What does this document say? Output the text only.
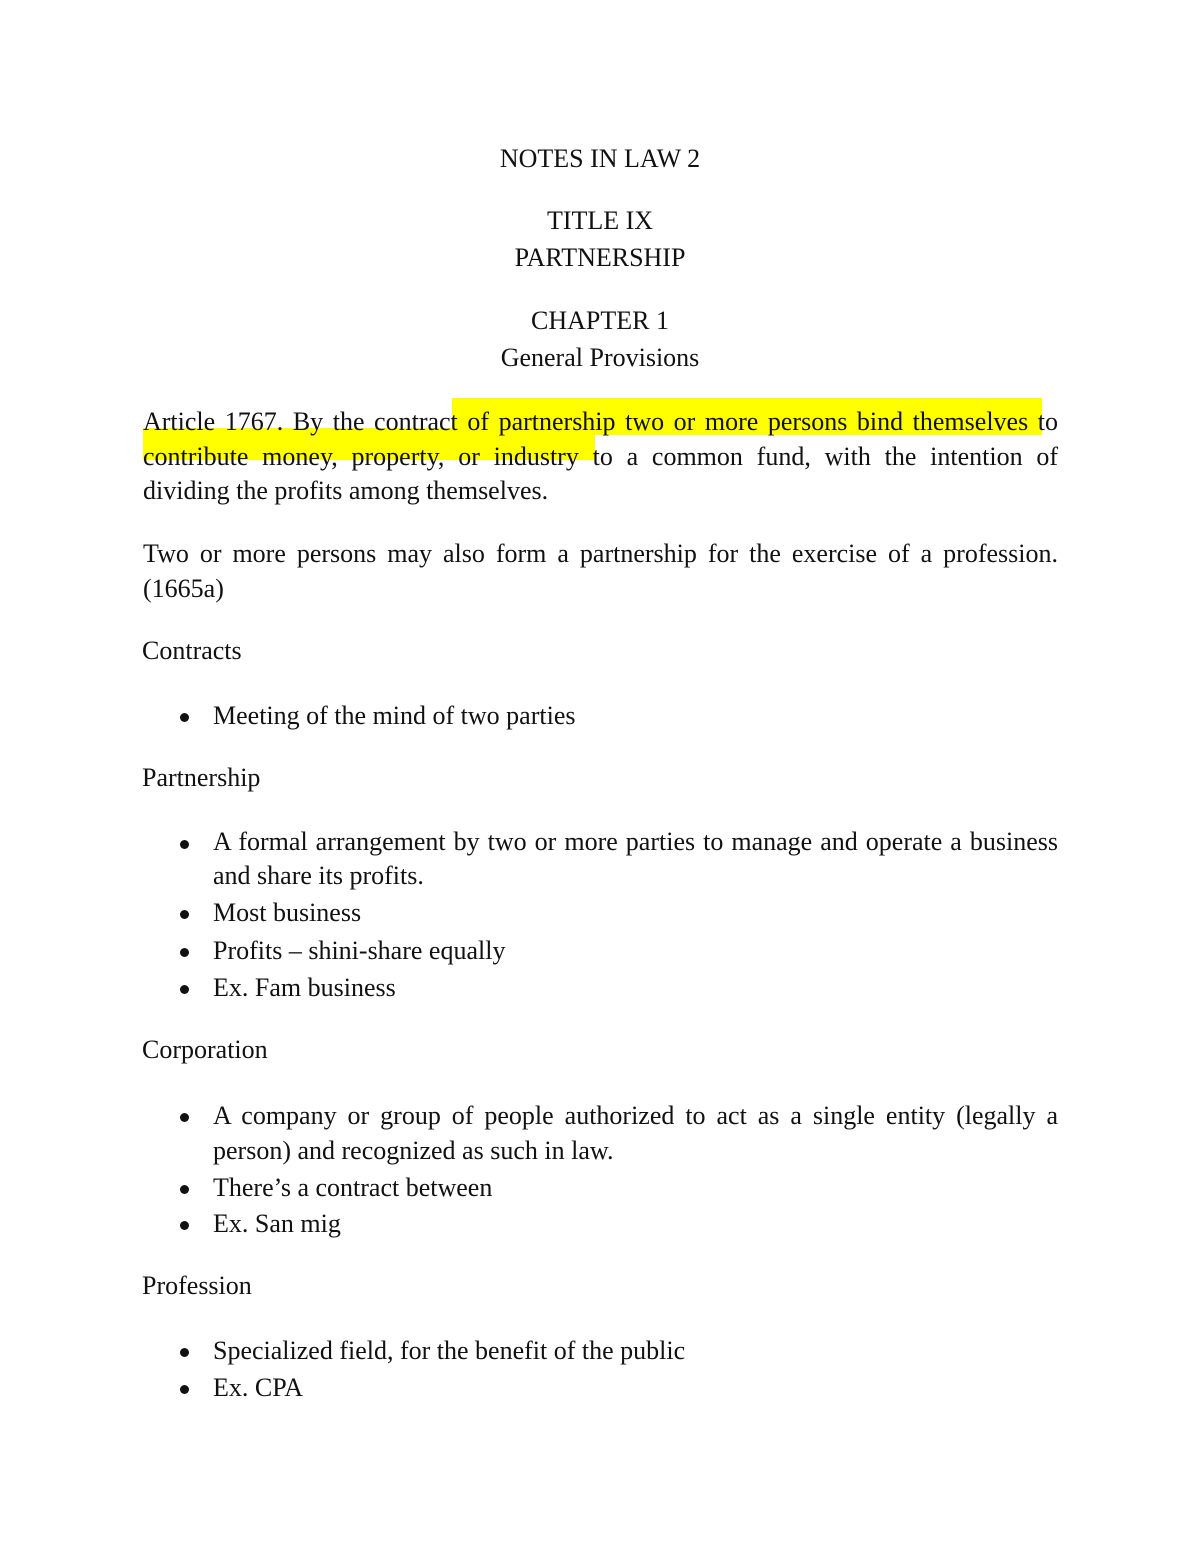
NOTES IN LAW 2
TITLE IX
PARTNERSHIP
CHAPTER 1
General Provisions
Article 1767. By the contract of partnership two or more persons bind themselves to contribute money, property, or industry to a common fund, with the intention of dividing the profits among themselves.
Two or more persons may also form a partnership for the exercise of a profession. (1665a)
Contracts
Meeting of the mind of two parties
Partnership
A formal arrangement by two or more parties to manage and operate a business and share its profits.
Most business
Profits – shini-share equally
Ex. Fam business
Corporation
A company or group of people authorized to act as a single entity (legally a person) and recognized as such in law.
There’s a contract between
Ex. San mig
Profession
Specialized field, for the benefit of the public
Ex. CPA
